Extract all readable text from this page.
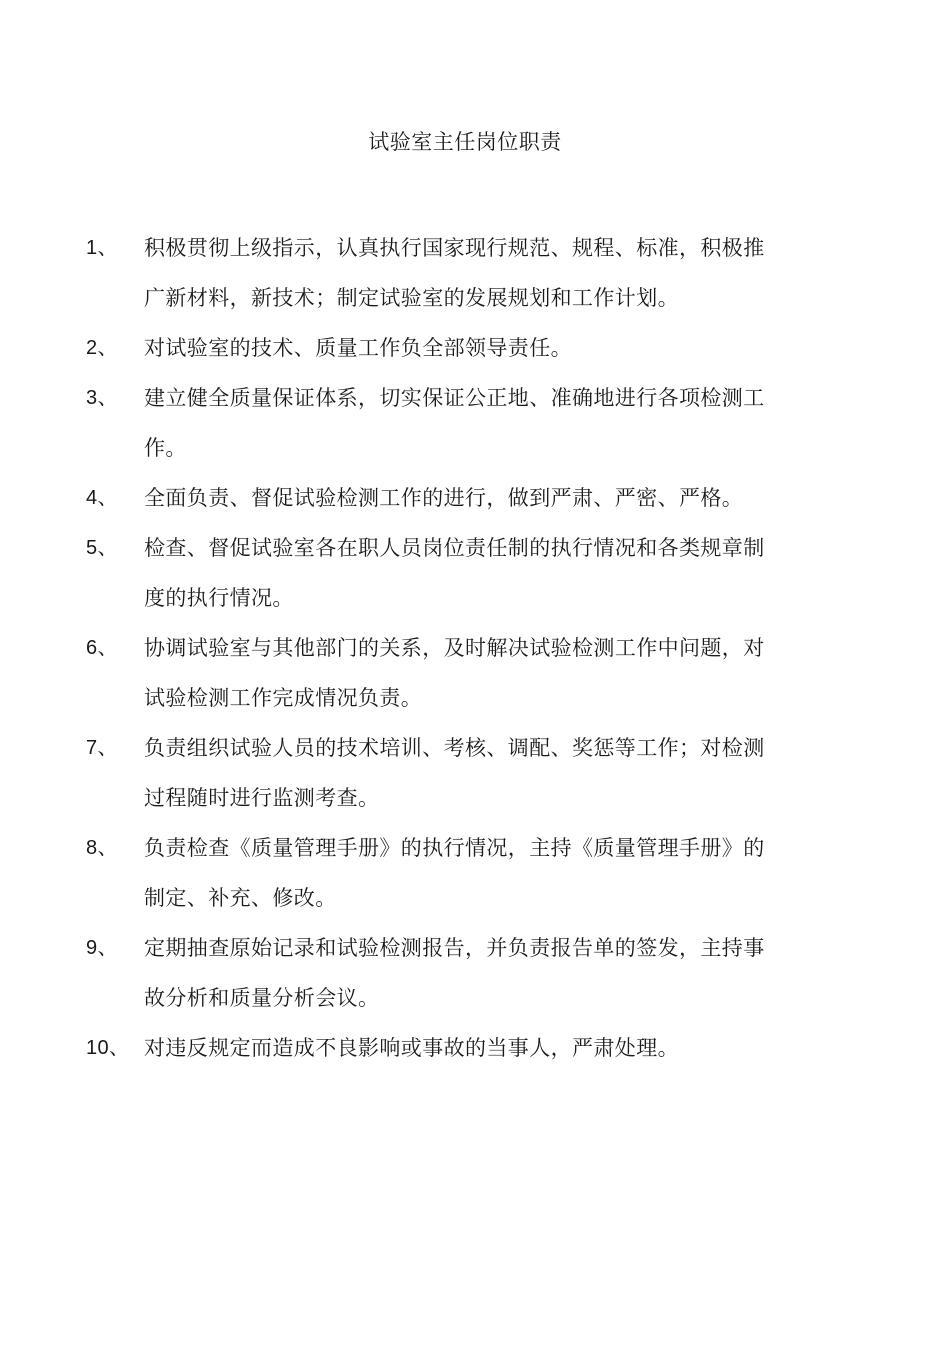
试验室主任岗位职责
1、 积极贯彻上级指示，认真执行国家现行规范、规程、标准，积极推广新材料，新技术；制定试验室的发展规划和工作计划。
2、 对试验室的技术、质量工作负全部领导责任。
3、 建立健全质量保证体系，切实保证公正地、准确地进行各项检测工作。
4、 全面负责、督促试验检测工作的进行，做到严肃、严密、严格。
5、 检查、督促试验室各在职人员岗位责任制的执行情况和各类规章制度的执行情况。
6、 协调试验室与其他部门的关系，及时解决试验检测工作中问题，对试验检测工作完成情况负责。
7、 负责组织试验人员的技术培训、考核、调配、奖惩等工作；对检测过程随时进行监测考查。
8、 负责检查《质量管理手册》的执行情况，主持《质量管理手册》的制定、补充、修改。
9、 定期抽查原始记录和试验检测报告，并负责报告单的签发，主持事故分析和质量分析会议。
10、 对违反规定而造成不良影响或事故的当事人，严肃处理。
